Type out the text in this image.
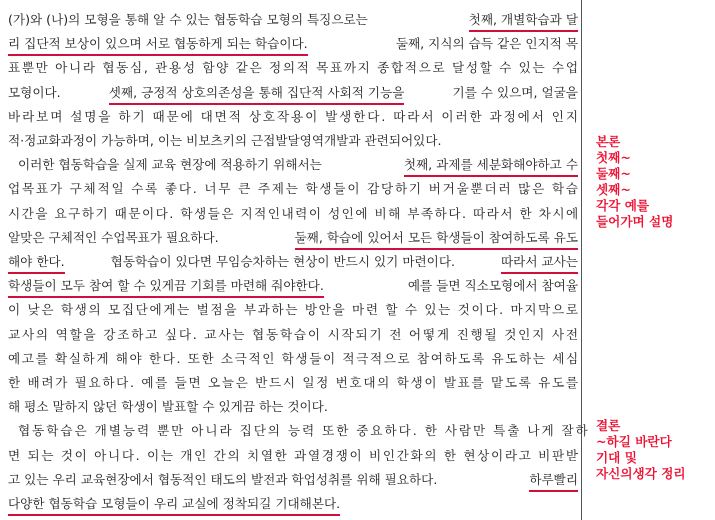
(가)와 (나)의 모형을 통해 알 수 있는 협동학습 모형의 특징으로는	첫째, 개별학습과 달
리 집단적 보상이 있으며 서로 협동하게 되는 학습이다.	둘째, 지식의 습득 같은 인지적 목
표뿐만 아니라 협동심, 관용성 함양 같은 정의적 목표까지 종합적으로 달성할 수 있는 수업
모형이다.	셋째, 긍정적 상호의존성을 통해 집단적 사회적 기능을	기를 수 있으며, 얼굴을
바라보며 설명을 하기 때문에 대면적 상호작용이 발생한다. 따라서 이러한 과정에서 인지
적·정교화과정이 가능하며, 이는 비보츠키의 근접발달영역개발과 관련되어있다.
이러한 협동학습을 실제 교육 현장에 적용하기 위해서는	첫째, 과제를 세분화해야하고 수
업목표가 구체적일 수록 좋다. 너무 큰 주제는 학생들이 감당하기 버거울뿐더러 많은 학습
시간을 요구하기 때문이다. 학생들은 지적인내력이 성인에 비해 부족하다. 따라서 한 차시에
알맞은 구체적인 수업목표가 필요하다.	둘째, 학습에 있어서 모든 학생들이 참여하도록 유도
해야 한다.	협동학습이 있다면 무임승차하는 현상이 반드시 있기 마련이다.	따라서 교사는
학생들이 모두 참여 할 수 있게끔 기회를 마련해 줘야한다.	예를 들면 직소모형에서 참여율
이 낮은 학생의 모집단에게는 벌점을 부과하는 방안을 마련 할 수 있는 것이다. 마지막으로
교사의 역할을 강조하고 싶다. 교사는 협동학습이 시작되기 전 어떻게 진행될 것인지 사전
예고를 확실하게 해야 한다. 또한 소극적인 학생들이 적극적으로 참여하도록 유도하는 세심
한 배려가 필요하다. 예를 들면 오늘은 반드시 일정 번호대의 학생이 발표를 맡도록 유도를
해 평소 말하지 않던 학생이 발표할 수 있게끔 하는 것이다.
협동학습은 개별능력 뿐만 아니라 집단의 능력 또한 중요하다. 한 사람만 특출 나게 잘하
면 되는 것이 아니다. 이는 개인 간의 치열한 과열경쟁이 비인간화의 한 현상이라고 비판받
고 있는 우리 교육현장에서 협동적인 태도의 발전과 학업성취를 위해 필요하다.	하루빨리
다양한 협동학습 모형들이 우리 교실에 정착되길 기대해본다.
본론
첫째~
둘째~
셋째~
각각 예를
들어가며 설명
결론
~하길 바란다
기대 및
자신의생각 정리
